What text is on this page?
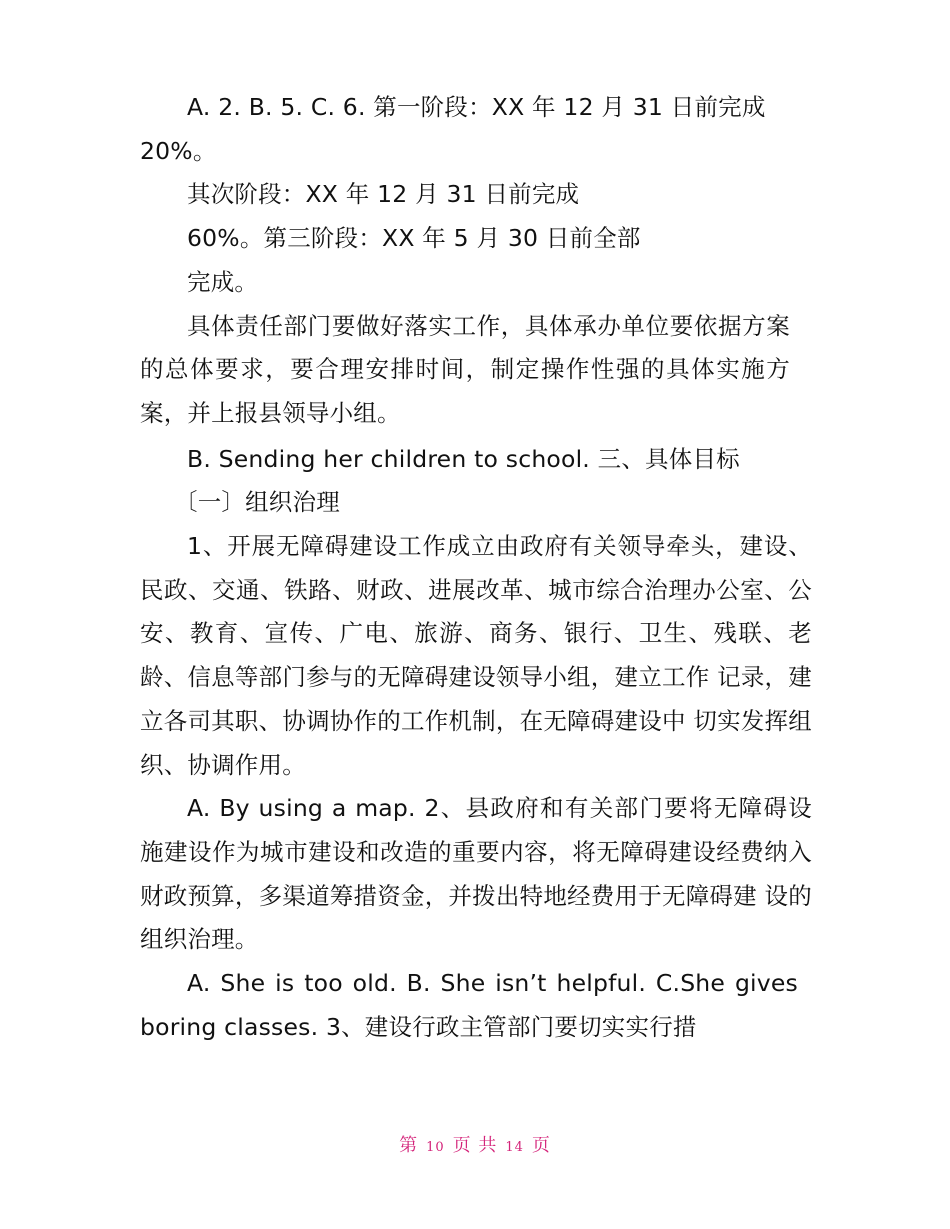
A. 2. B. 5. C. 6. 第一阶段：XX 年 12 月 31 日前完成 20%。

其次阶段：XX 年 12 月 31 日前完成

60%。第三阶段：XX 年 5 月 30 日前全部

完成。

具体责任部门要做好落实工作，具体承办单位要依据方案的总体要求，要合理安排时间，制定操作性强的具体实施方案，并上报县领导小组。

B. Sending her children to school. 三、具体目标

〔一〕组织治理

1、开展无障碍建设工作成立由政府有关领导牵头，建设、民政、交通、铁路、财政、进展改革、城市综合治理办公室、公安、教育、宣传、广电、旅游、商务、银行、卫生、残联、老龄、信息等部门参与的无障碍建设领导小组，建立工作 记录，建立各司其职、协调协作的工作机制，在无障碍建设中 切实发挥组织、协调作用。

A. By using a map. 2、县政府和有关部门要将无障碍设施建设作为城市建设和改造的重要内容，将无障碍建设经费纳入财政预算，多渠道筹措资金，并拨出特地经费用于无障碍建 设的组织治理。

A. She is too old. B. She isn’t helpful. C.She gives boring classes. 3、建设行政主管部门要切实实行措

第 10 页 共 14 页
